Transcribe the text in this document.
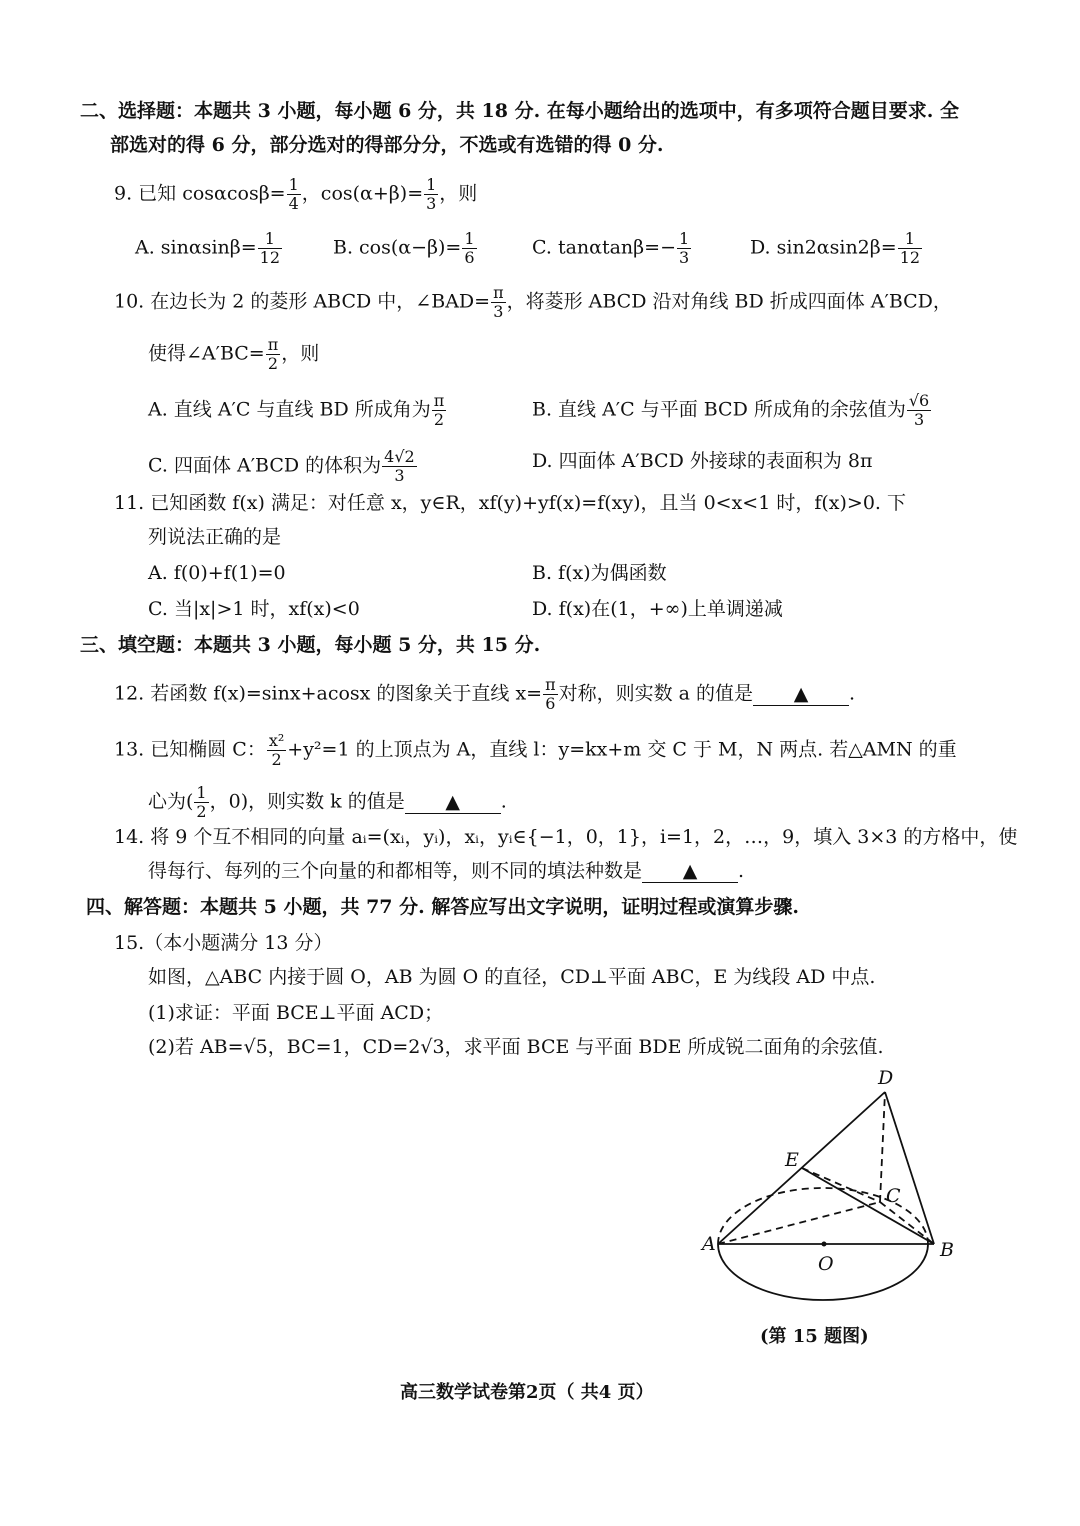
二、选择题：本题共 3 小题，每小题 6 分，共 18 分. 在每小题给出的选项中，有多项符合题目要求. 全
部选对的得 6 分，部分选对的得部分分，不选或有选错的得 0 分.
9. 已知 $\cos\alpha\cos\beta= \frac{1}{4}$ ，$\cos(\alpha+\beta)= \frac{1}{3}$ ，则
A. $\sin\alpha\sin\beta= \frac{1}{12}$	B. $\cos(\alpha-\beta)= \frac{1}{6}$	C. $\tan\alpha\tan\beta=- \frac{1}{3}$	D. $\sin 2\alpha\sin 2\beta= \frac{1}{12}$
10. 在边长为 2 的菱形 ABCD 中，∠BAD= $\frac{\pi}{3}$ ，将菱形 ABCD 沿对角线 BD 折成四面体 A′BCD，
使得∠A′BC= $\frac{\pi}{2}$ ，则
A. 直线 A′C 与直线 BD 所成角为 $\frac{\pi}{2}$	B. 直线 A′C 与平面 BCD 所成角的余弦值为 $\frac{√6}{3}$
C. 四面体 A′BCD 的体积为 $\frac{4√2}{3}$	D. 四面体 A′BCD 外接球的表面积为 8π
11. 已知函数 f(x) 满足：对任意 x，y∈R，xf(y)+yf(x)=f(xy)，且当 0<x<1 时，f(x)>0. 下
列说法正确的是
A. f(0)+f(1)=0	B. f(x)为偶函数
C. 当|x|>1 时，xf(x)<0	D. f(x)在(1，+∞)上单调递减
三、填空题：本题共 3 小题，每小题 5 分，共 15 分.
12. 若函数 f(x)=sinx+acosx 的图象关于直线 $x= \frac{\pi}{6}$ 对称，则实数 a 的值是 ▲ .
13. 已知椭圆 C： $\frac{\text{x²}}{2} +y^2=1$ 的上顶点为 A，直线 l：y=kx+m 交 C 于 M，N 两点. 若△AMN 的重
心为( $\frac{1}{2}$ ，0)，则实数 k 的值是 ▲ .
14. 将 9 个互不相同的向量 aᵢ=(xᵢ，yᵢ)，xᵢ，yᵢ∈{−1，0，1}，i=1，2，…，9，填入 3×3 的方格中，使
得每行、每列的三个向量的和都相等，则不同的填法种数是 ▲ .
四、解答题：本题共 5 小题，共 77 分. 解答应写出文字说明，证明过程或演算步骤.
15.（本小题满分 13 分）
如图，△ABC 内接于圆 O，AB 为圆 O 的直径，CD⊥平面 ABC，E 为线段 AD 中点.
(1)求证：平面 BCE⊥平面 ACD；
(2)若 AB=√5，BC=1，CD=2√3，求平面 BCE 与平面 BDE 所成锐二面角的余弦值.
D
E
C
A	B
O
(第 15 题图)
高三数学试卷第2页（ 共4 页）
